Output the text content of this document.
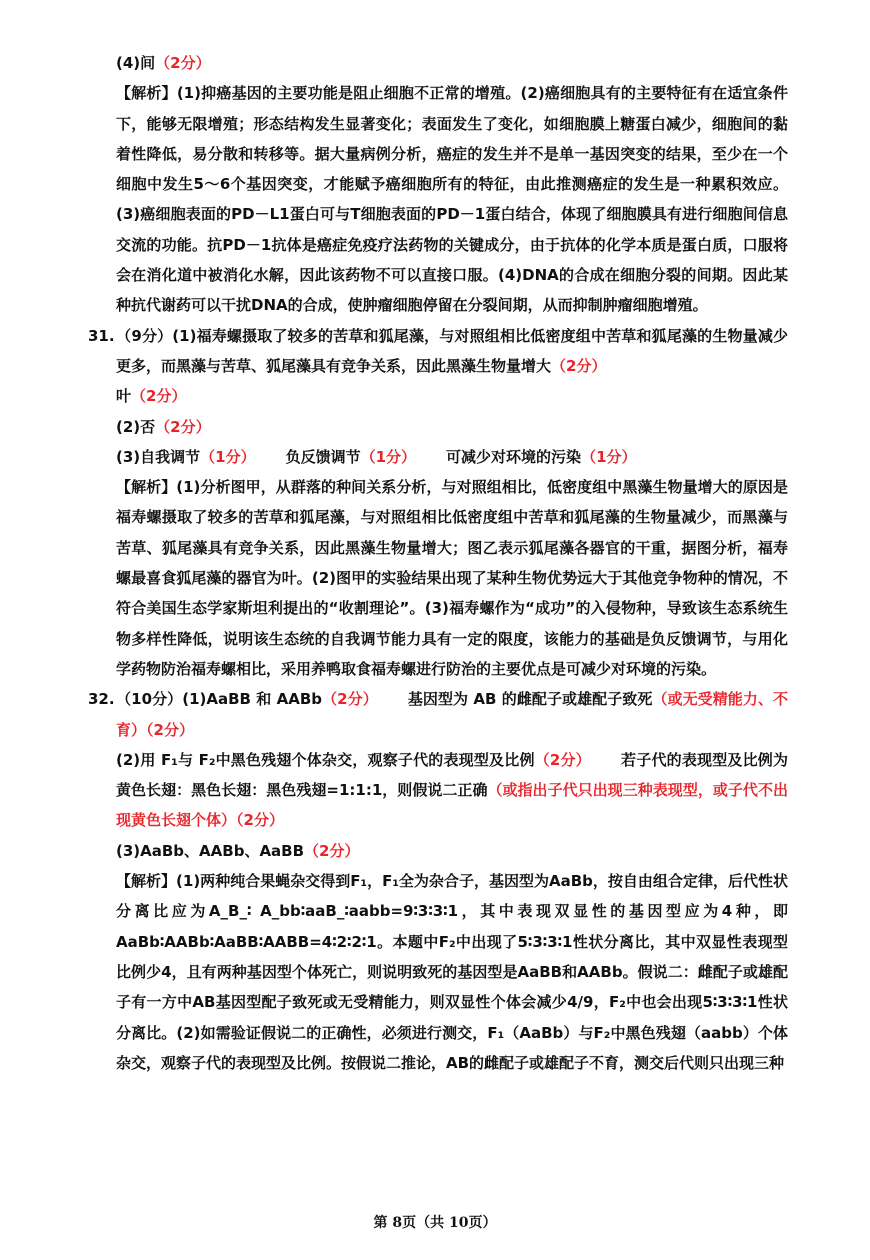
(4)间（2分）

【解析】(1)抑癌基因的主要功能是阻止细胞不正常的增殖。(2)癌细胞具有的主要特征有在适宜条件下，能够无限增殖；形态结构发生显著变化；表面发生了变化，如细胞膜上糖蛋白减少，细胞间的黏着性降低，易分散和转移等。据大量病例分析，癌症的发生并不是单一基因突变的结果，至少在一个细胞中发生5～6个基因突变，才能赋予癌细胞所有的特征，由此推测癌症的发生是一种累积效应。(3)癌细胞表面的PD－L1蛋白可与T细胞表面的PD－1蛋白结合，体现了细胞膜具有进行细胞间信息交流的功能。抗PD－1抗体是癌症免疫疗法药物的关键成分，由于抗体的化学本质是蛋白质，口服将会在消化道中被消化水解，因此该药物不可以直接口服。(4)DNA的合成在细胞分裂的间期。因此某种抗代谢药可以干扰DNA的合成，使肿瘤细胞停留在分裂间期，从而抑制肿瘤细胞增殖。

31.（9分）(1)福寿螺摄取了较多的苦草和狐尾藻，与对照组相比低密度组中苦草和狐尾藻的生物量减少更多，而黑藻与苦草、狐尾藻具有竞争关系，因此黑藻生物量增大（2分）
叶（2分）

(2)否（2分）

(3)自我调节（1分） 负反馈调节（1分） 可减少对环境的污染（1分）

【解析】(1)分析图甲，从群落的种间关系分析，与对照组相比，低密度组中黑藻生物量增大的原因是福寿螺摄取了较多的苦草和狐尾藻，与对照组相比低密度组中苦草和狐尾藻的生物量减少，而黑藻与苦草、狐尾藻具有竞争关系，因此黑藻生物量增大；图乙表示狐尾藻各器官的干重，据图分析，福寿螺最喜食狐尾藻的器官为叶。(2)图甲的实验结果出现了某种生物优势远大于其他竞争物种的情况，不符合美国生态学家斯坦利提出的“收割理论”。(3)福寿螺作为“成功”的入侵物种，导致该生态系统生物多样性降低，说明该生态统的自我调节能力具有一定的限度，该能力的基础是负反馈调节，与用化学药物防治福寿螺相比，采用养鸭取食福寿螺进行防治的主要优点是可减少对环境的污染。

32.（10分）(1)AaBB 和 AABb（2分） 基因型为 AB 的雌配子或雄配子致死（或无受精能力、不育）（2分）

(2)用 F₁与 F₂中黑色残翅个体杂交，观察子代的表现型及比例（2分） 若子代的表现型及比例为黄色长翅：黑色长翅：黑色残翅=1:1:1，则假说二正确（或指出子代只出现三种表现型，或子代不出现黄色长翅个体）（2分）

(3)AaBb、AABb、AaBB（2分）

【解析】(1)两种纯合果蝇杂交得到F₁，F₁全为杂合子，基因型为AaBb，按自由组合定律，后代性状分离比应为A_B_∶ A_bb∶aaB_∶aabb=9∶3∶3∶1，其中表现双显性的基因型应为4种，即AaBb∶AABb∶AaBB∶AABB=4∶2∶2∶1。本题中F₂中出现了5∶3∶3∶1性状分离比，其中双显性表现型比例少4，且有两种基因型个体死亡，则说明致死的基因型是AaBB和AABb。假说二：雌配子或雄配子有一方中AB基因型配子致死或无受精能力，则双显性个体会减少4/9，F₂中也会出现5∶3∶3∶1性状分离比。(2)如需验证假说二的正确性，必须进行测交，F₁（AaBb）与F₂中黑色残翅（aabb）个体杂交，观察子代的表现型及比例。按假说二推论，AB的雌配子或雄配子不育，测交后代则只出现三种

第 8页（共 10页）
